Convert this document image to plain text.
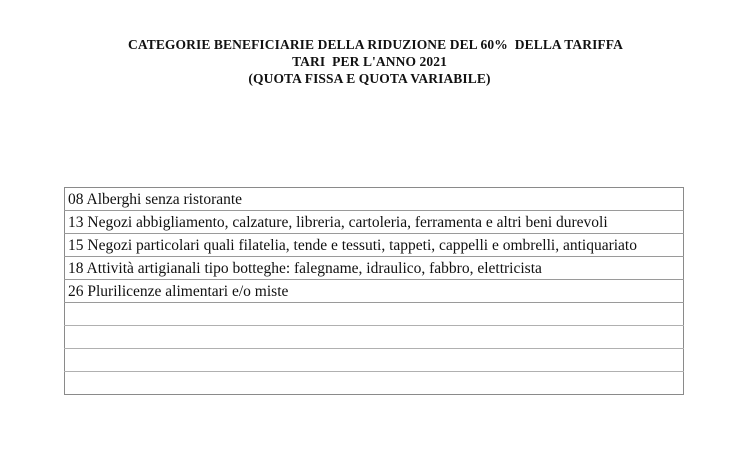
CATEGORIE BENEFICIARIE DELLA RIDUZIONE DEL 60%  DELLA TARIFFA
TARI  PER L'ANNO 2021
(QUOTA FISSA E QUOTA VARIABILE)
08 Alberghi senza ristorante
13 Negozi abbigliamento, calzature, libreria, cartoleria, ferramenta e altri beni durevoli
15 Negozi particolari quali filatelia, tende e tessuti, tappeti, cappelli e ombrelli, antiquariato
18 Attività artigianali tipo botteghe: falegname, idraulico, fabbro, elettricista
26 Plurilicenze alimentari e/o miste
